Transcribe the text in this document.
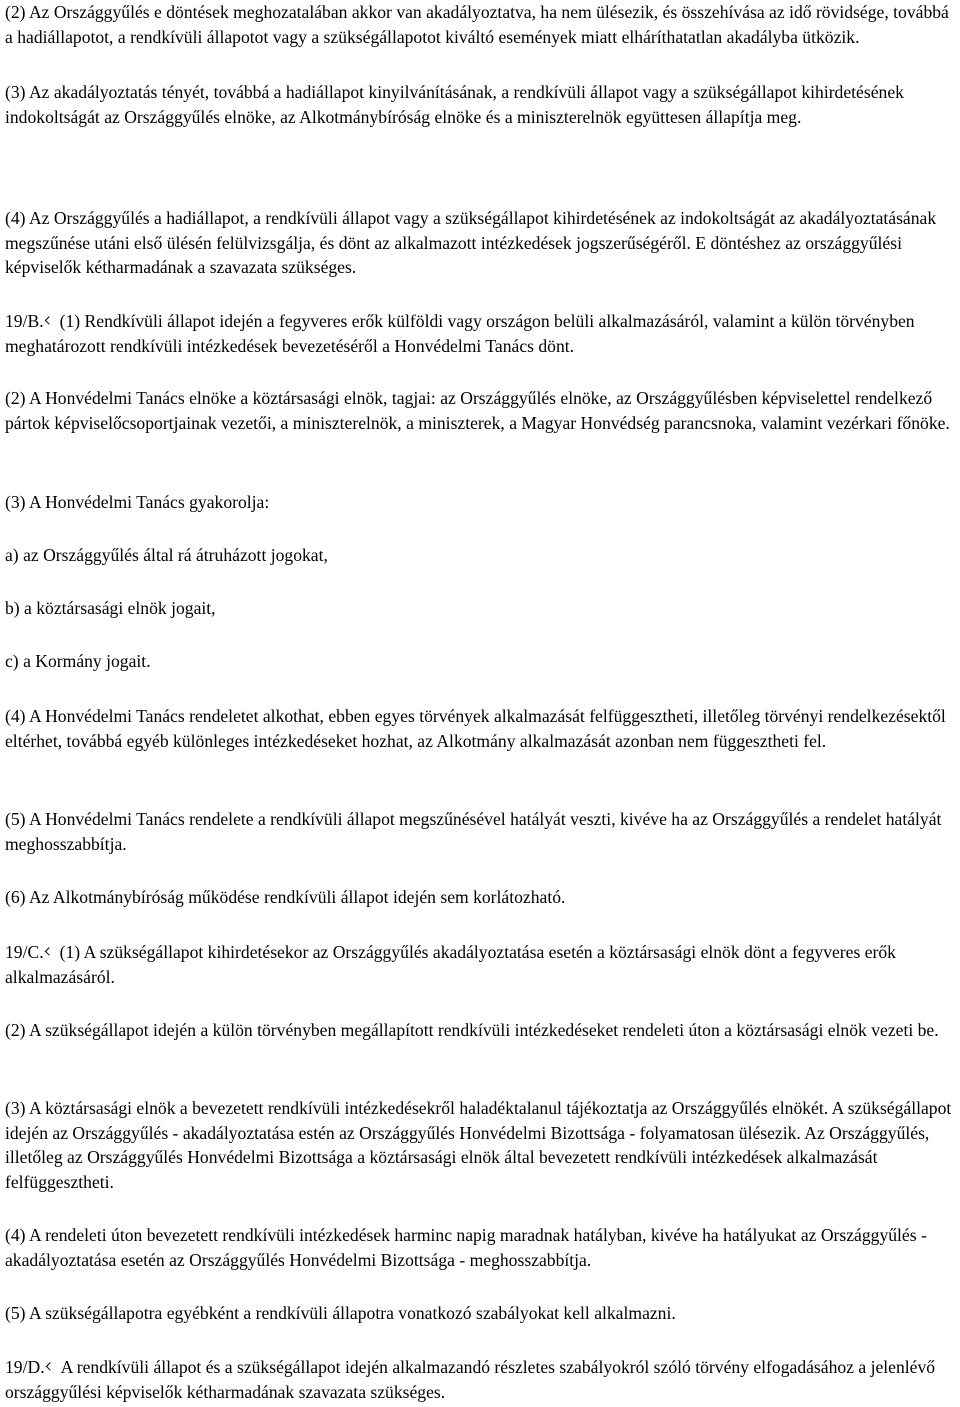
(2) Az Országgyűlés e döntések meghozatalában akkor van akadályoztatva, ha nem ülésezik, és összehívása az idő rövidsége, továbbá a hadiállapotot, a rendkívüli állapotot vagy a szükségállapotot kiváltó események miatt elháríthatatlan akadályba ütközik.

(3) Az akadályoztatás tényét, továbbá a hadiállapot kinyilvánításának, a rendkívüli állapot vagy a szükségállapot kihirdetésének indokoltságát az Országgyűlés elnöke, az Alkotmánybíróság elnöke és a miniszterelnök együttesen állapítja meg.

(4) Az Országgyűlés a hadiállapot, a rendkívüli állapot vagy a szükségállapot kihirdetésének az indokoltságát az akadályoztatásának megszűnése utáni első ülésén felülvizsgálja, és dönt az alkalmazott intézkedések jogszerűségéről. E döntéshez az országgyűlési képviselők kétharmadának a szavazata szükséges.

19/B. (1) Rendkívüli állapot idején a fegyveres erők külföldi vagy országon belüli alkalmazásáról, valamint a külön törvényben meghatározott rendkívüli intézkedések bevezetéséről a Honvédelmi Tanács dönt.

(2) A Honvédelmi Tanács elnöke a köztársasági elnök, tagjai: az Országgyűlés elnöke, az Országgyűlésben képviselettel rendelkező pártok képviselőcsoportjainak vezetői, a miniszterelnök, a miniszterek, a Magyar Honvédség parancsnoka, valamint vezérkari főnöke.

(3) A Honvédelmi Tanács gyakorolja:

a) az Országgyűlés által rá átruházott jogokat,

b) a köztársasági elnök jogait,

c) a Kormány jogait.

(4) A Honvédelmi Tanács rendeletet alkothat, ebben egyes törvények alkalmazását felfüggesztheti, illetőleg törvényi rendelkezésektől eltérhet, továbbá egyéb különleges intézkedéseket hozhat, az Alkotmány alkalmazását azonban nem függesztheti fel.

(5) A Honvédelmi Tanács rendelete a rendkívüli állapot megszűnésével hatályát veszti, kivéve ha az Országgyűlés a rendelet hatályát meghosszabbítja.

(6) Az Alkotmánybíróság működése rendkívüli állapot idején sem korlátozható.

19/C. (1) A szükségállapot kihirdetésekor az Országgyűlés akadályoztatása esetén a köztársasági elnök dönt a fegyveres erők alkalmazásáról.

(2) A szükségállapot idején a külön törvényben megállapított rendkívüli intézkedéseket rendeleti úton a köztársasági elnök vezeti be.

(3) A köztársasági elnök a bevezetett rendkívüli intézkedésekről haladéktalanul tájékoztatja az Országgyűlés elnökét. A szükségállapot idején az Országgyűlés - akadályoztatása estén az Országgyűlés Honvédelmi Bizottsága - folyamatosan ülésezik. Az Országgyűlés, illetőleg az Országgyűlés Honvédelmi Bizottsága a köztársasági elnök által bevezetett rendkívüli intézkedések alkalmazását felfüggesztheti.

(4) A rendeleti úton bevezetett rendkívüli intézkedések harminc napig maradnak hatályban, kivéve ha hatályukat az Országgyűlés - akadályoztatása esetén az Országgyűlés Honvédelmi Bizottsága - meghosszabbítja.

(5) A szükségállapotra egyébként a rendkívüli állapotra vonatkozó szabályokat kell alkalmazni.

19/D. A rendkívüli állapot és a szükségállapot idején alkalmazandó részletes szabályokról szóló törvény elfogadásához a jelenlévő országgyűlési képviselők kétharmadának szavazata szükséges.
